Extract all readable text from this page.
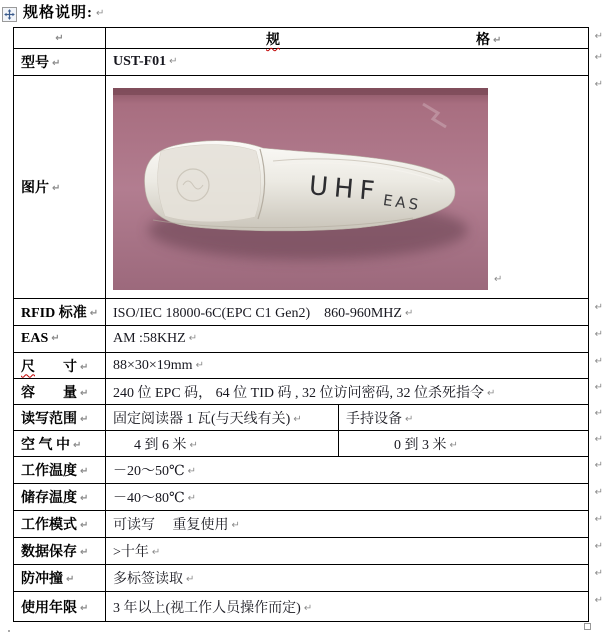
规格说明: ↵
↵	规 格 ↵ ↵	

型号 ↵	UST-F01 ↵ ↵	

图片 ↵	UHF EAS
↵
↵	

RFID 标准 ↵	ISO/IEC 18000-6C(EPC C1 Gen2)　860-960MHZ ↵
↵	

EAS ↵	AM :58KHZ ↵ ↵	

尺　　寸 ↵	88×30×19mm ↵ ↵	

容　　量 ↵	240 位 EPC 码， 64 位 TID 码 , 32 位访问密码, 32 位杀死指令 ↵ ↵	

读写范围 ↵	固定阅读器 1 瓦(与天线有关) ↵	手持设备 ↵ ↵

空 气 中 ↵	4 到 6 米 ↵	0 到 3 米 ↵ ↵

工作温度 ↵	－20～50℃ ↵
↵	

储存温度 ↵	－40～80℃ ↵
↵	

工作模式 ↵	可读写　 重复使用 ↵
↵	

数据保存 ↵	>十年 ↵
↵	

防冲撞 ↵	多标签读取 ↵
↵	

使用年限 ↵	3 年以上(视工作人员操作而定) ↵
↵	
